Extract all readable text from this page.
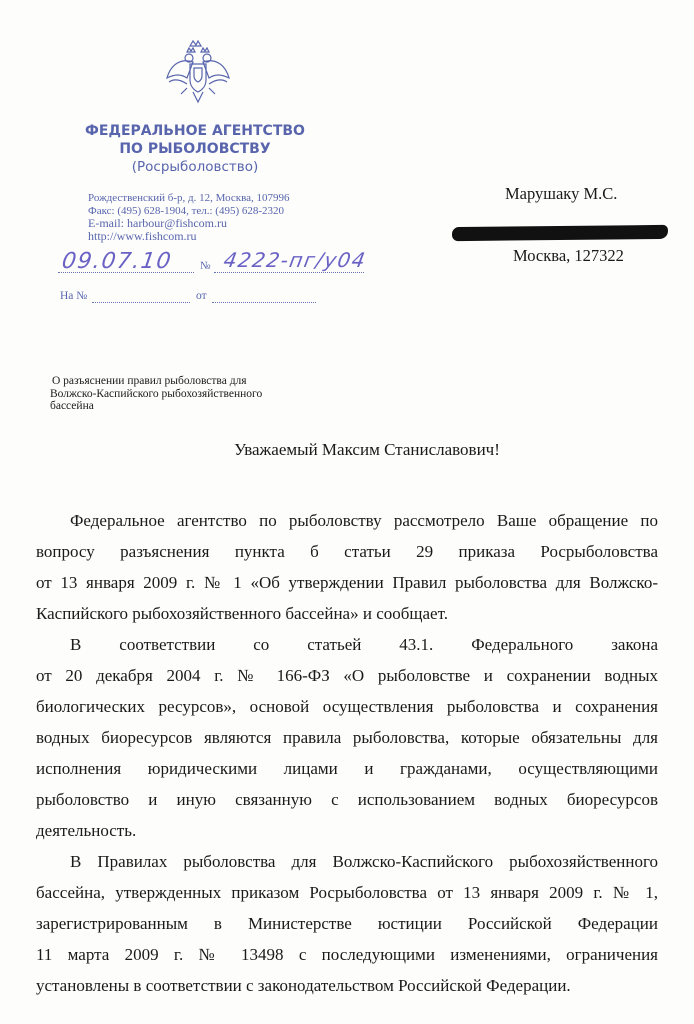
ФЕДЕРАЛЬНОЕ АГЕНТСТВО
ПО РЫБОЛОВСТВУ
(Росрыболовство)
Рождественский б-р, д. 12, Москва, 107996
Факс: (495) 628-1904, тел.: (495) 628-2320
E-mail: harbour@fishcom.ru
http://www.fishcom.ru
09.07.10 № 4222-пг/у04
На №	от
Марушаку М.С.
Москва, 127322
О разъяснении правил рыболовства для
Волжско-Каспийского рыбохозяйственного
бассейна
Уважаемый Максим Станиславович!

Федеральное агентство по рыболовству рассмотрело Ваше обращение по
вопросу разъяснения пункта б статьи 29 приказа Росрыболовства
от 13 января 2009 г. № 1 «Об утверждении Правил рыболовства для Волжско-
Каспийского рыбохозяйственного бассейна» и сообщает.

В соответствии со статьей 43.1. Федерального закона
от 20 декабря 2004 г. № 166-ФЗ «О рыболовстве и сохранении водных
биологических ресурсов», основой осуществления рыболовства и сохранения
водных биоресурсов являются правила рыболовства, которые обязательны для
исполнения юридическими лицами и гражданами, осуществляющими
рыболовство и иную связанную с использованием водных биоресурсов
деятельность.

В Правилах рыболовства для Волжско-Каспийского рыбохозяйственного
бассейна, утвержденных приказом Росрыболовства от 13 января 2009 г. № 1,
зарегистрированным в Министерстве юстиции Российской Федерации
11 марта 2009 г. № 13498 с последующими изменениями, ограничения
установлены в соответствии с законодательством Российской Федерации.
